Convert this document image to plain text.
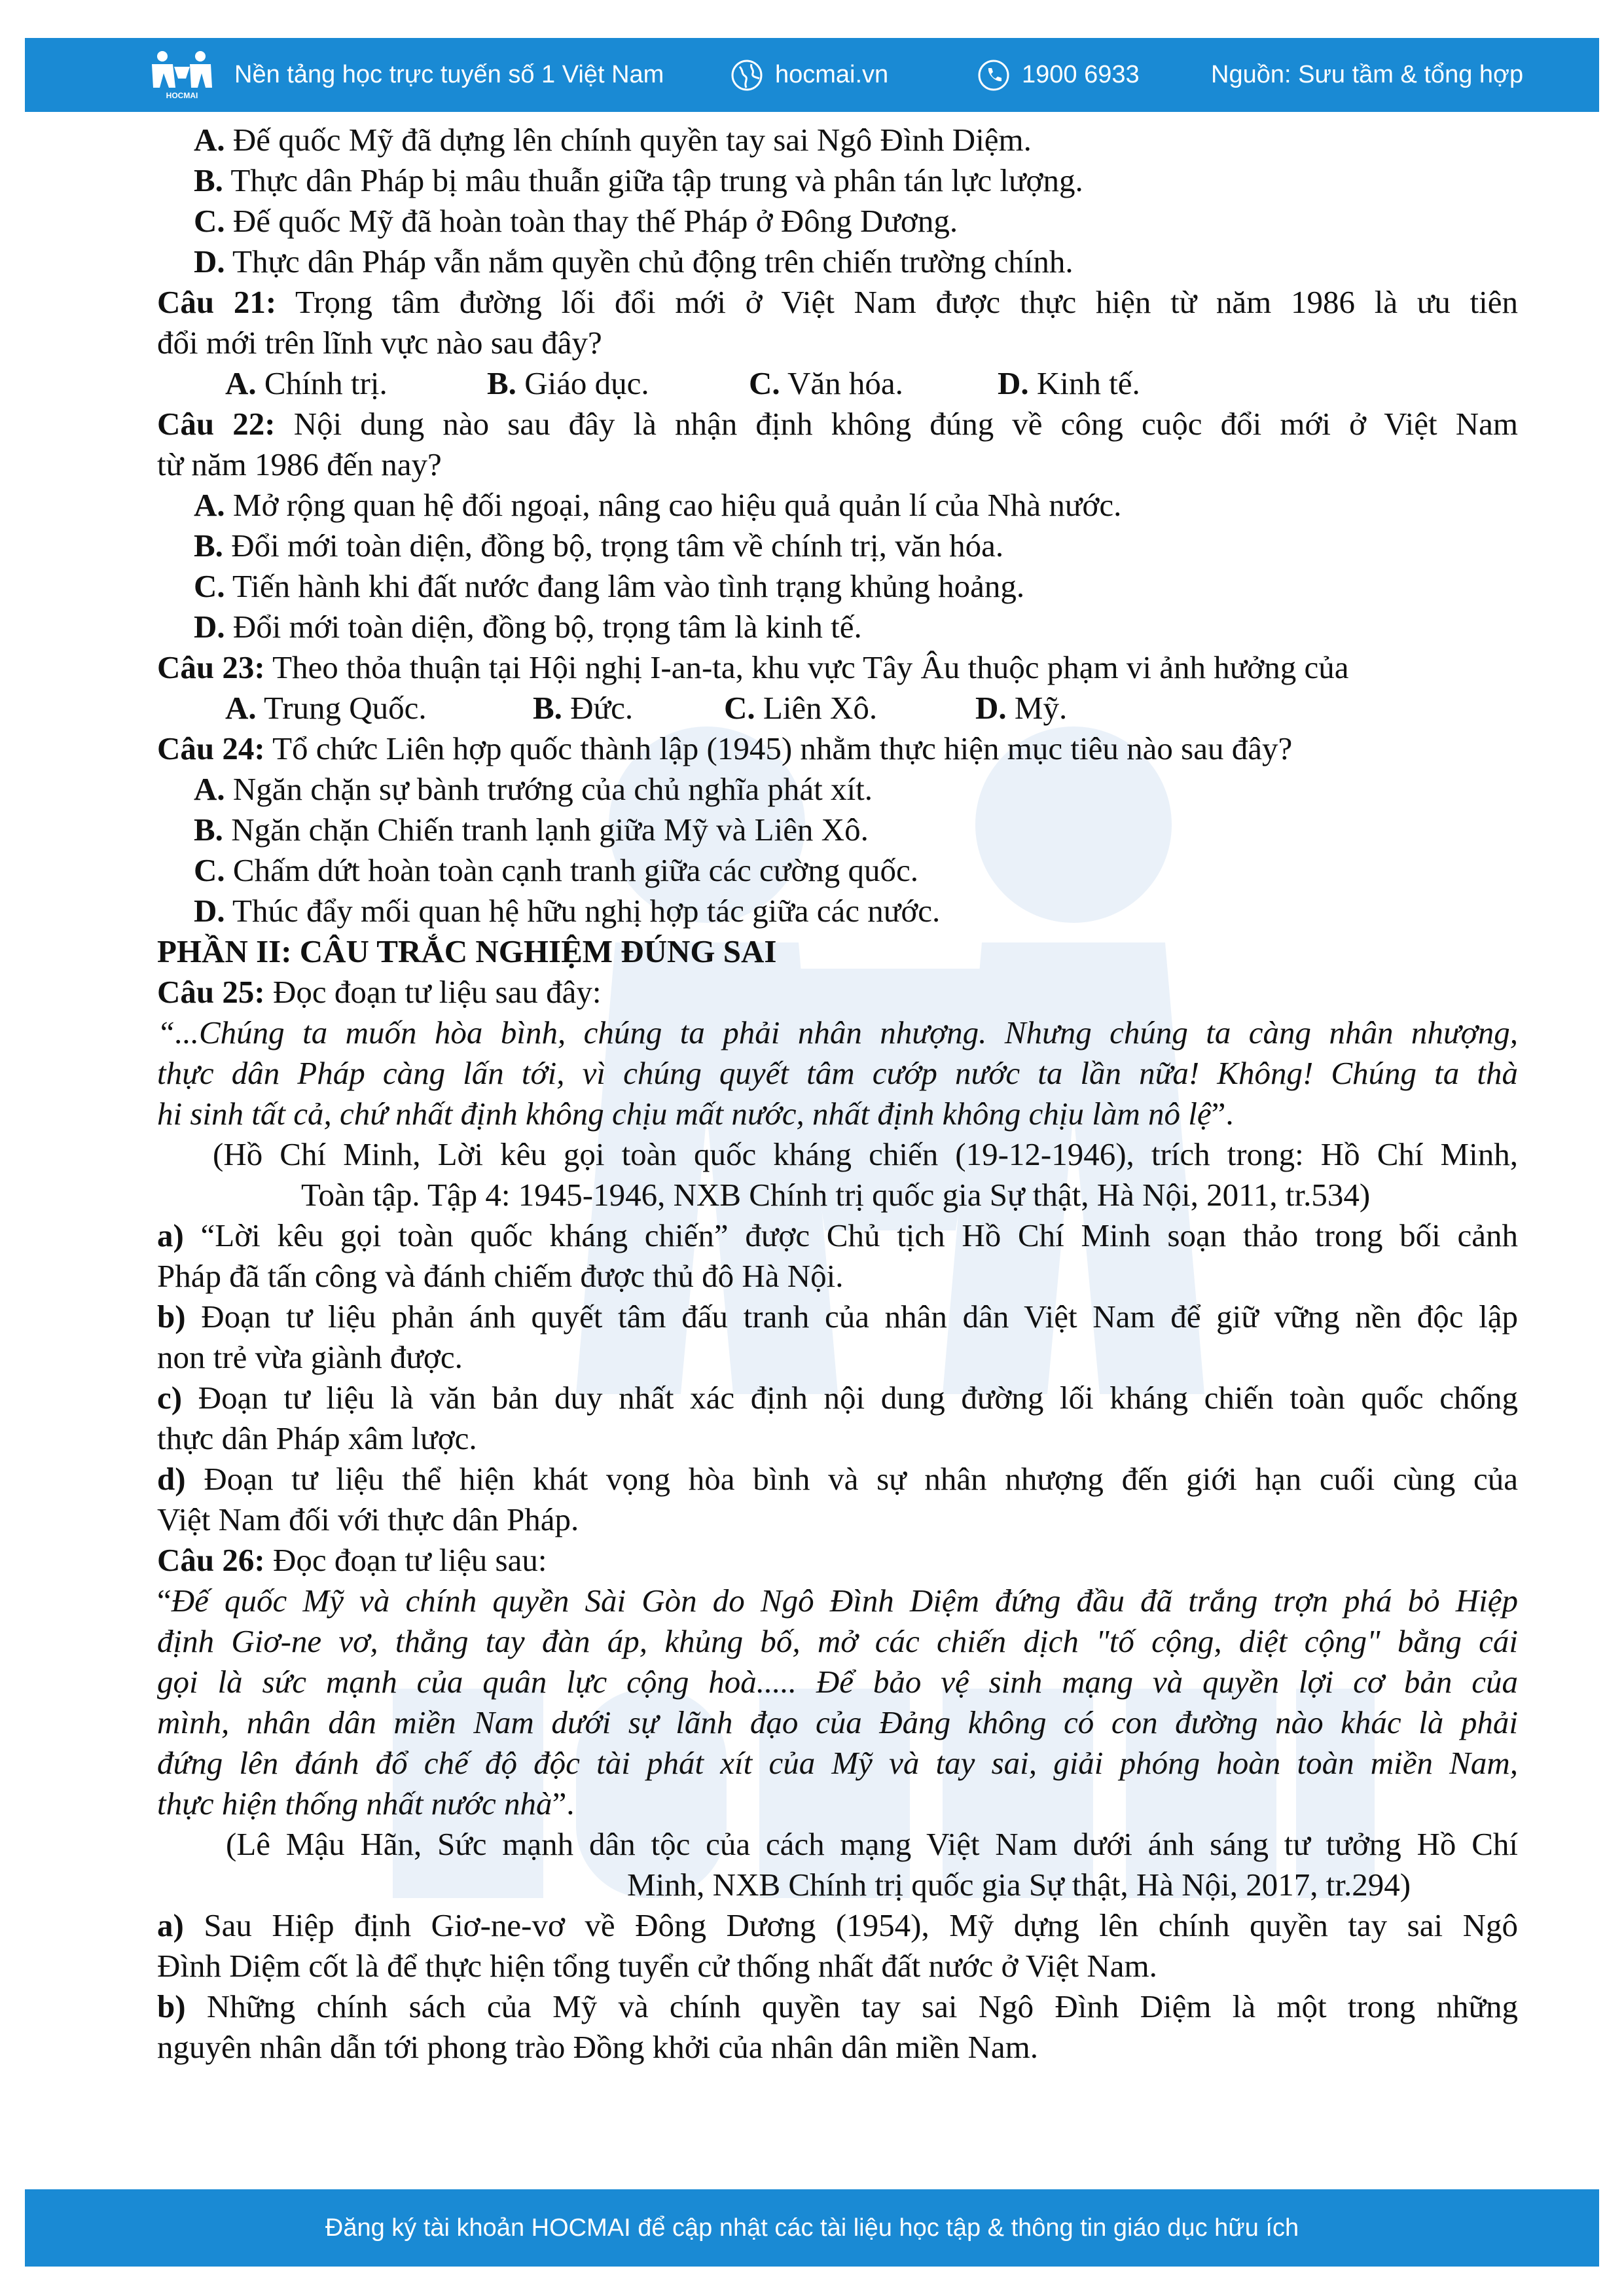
HOCMAI
Nền tảng học trực tuyến số 1 Việt Nam	hocmai.vn	1900 6933	Nguồn: Sưu tầm & tổng hợp
A. Đế quốc Mỹ đã dựng lên chính quyền tay sai Ngô Đình Diệm.
B. Thực dân Pháp bị mâu thuẫn giữa tập trung và phân tán lực lượng.
C. Đế quốc Mỹ đã hoàn toàn thay thế Pháp ở Đông Dương.
D. Thực dân Pháp vẫn nắm quyền chủ động trên chiến trường chính.
Câu 21: Trọng tâm đường lối đổi mới ở Việt Nam được thực hiện từ năm 1986 là ưu tiên
đổi mới trên lĩnh vực nào sau đây?
A. Chính trị.	B. Giáo dục.	C. Văn hóa.	D. Kinh tế.
Câu 22: Nội dung nào sau đây là nhận định không đúng về công cuộc đổi mới ở Việt Nam
từ năm 1986 đến nay?
A. Mở rộng quan hệ đối ngoại, nâng cao hiệu quả quản lí của Nhà nước.
B. Đổi mới toàn diện, đồng bộ, trọng tâm về chính trị, văn hóa.
C. Tiến hành khi đất nước đang lâm vào tình trạng khủng hoảng.
D. Đổi mới toàn diện, đồng bộ, trọng tâm là kinh tế.
Câu 23: Theo thỏa thuận tại Hội nghị I-an-ta, khu vực Tây Âu thuộc phạm vi ảnh hưởng của
A. Trung Quốc.	B. Đức.	C. Liên Xô.	D. Mỹ.
Câu 24: Tổ chức Liên hợp quốc thành lập (1945) nhằm thực hiện mục tiêu nào sau đây?
A. Ngăn chặn sự bành trướng của chủ nghĩa phát xít.
B. Ngăn chặn Chiến tranh lạnh giữa Mỹ và Liên Xô.
C. Chấm dứt hoàn toàn cạnh tranh giữa các cường quốc.
D. Thúc đẩy mối quan hệ hữu nghị hợp tác giữa các nước.
PHẦN II: CÂU TRẮC NGHIỆM ĐÚNG SAI
Câu 25: Đọc đoạn tư liệu sau đây:
“...Chúng ta muốn hòa bình, chúng ta phải nhân nhượng. Nhưng chúng ta càng nhân nhượng,
thực dân Pháp càng lấn tới, vì chúng quyết tâm cướp nước ta lần nữa! Không! Chúng ta thà
hi sinh tất cả, chứ nhất định không chịu mất nước, nhất định không chịu làm nô lệ”.
(Hồ Chí Minh, Lời kêu gọi toàn quốc kháng chiến (19-12-1946), trích trong: Hồ Chí Minh,
Toàn tập. Tập 4: 1945-1946, NXB Chính trị quốc gia Sự thật, Hà Nội, 2011, tr.534)
a) “Lời kêu gọi toàn quốc kháng chiến” được Chủ tịch Hồ Chí Minh soạn thảo trong bối cảnh
Pháp đã tấn công và đánh chiếm được thủ đô Hà Nội.
b) Đoạn tư liệu phản ánh quyết tâm đấu tranh của nhân dân Việt Nam để giữ vững nền độc lập
non trẻ vừa giành được.
c) Đoạn tư liệu là văn bản duy nhất xác định nội dung đường lối kháng chiến toàn quốc chống
thực dân Pháp xâm lược.
d) Đoạn tư liệu thể hiện khát vọng hòa bình và sự nhân nhượng đến giới hạn cuối cùng của
Việt Nam đối với thực dân Pháp.
Câu 26: Đọc đoạn tư liệu sau:
“Đế quốc Mỹ và chính quyền Sài Gòn do Ngô Đình Diệm đứng đầu đã trắng trợn phá bỏ Hiệp
định Giơ-ne vơ, thẳng tay đàn áp, khủng bố, mở các chiến dịch "tố cộng, diệt cộng" bằng cái
gọi là sức mạnh của quân lực cộng hoà..... Để bảo vệ sinh mạng và quyền lợi cơ bản của
mình, nhân dân miền Nam dưới sự lãnh đạo của Đảng không có con đường nào khác là phải
đứng lên đánh đổ chế độ độc tài phát xít của Mỹ và tay sai, giải phóng hoàn toàn miền Nam,
thực hiện thống nhất nước nhà”.
(Lê Mậu Hãn, Sức mạnh dân tộc của cách mạng Việt Nam dưới ánh sáng tư tưởng Hồ Chí
Minh, NXB Chính trị quốc gia Sự thật, Hà Nội, 2017, tr.294)
a) Sau Hiệp định Giơ-ne-vơ về Đông Dương (1954), Mỹ dựng lên chính quyền tay sai Ngô
Đình Diệm cốt là để thực hiện tổng tuyển cử thống nhất đất nước ở Việt Nam.
b) Những chính sách của Mỹ và chính quyền tay sai Ngô Đình Diệm là một trong những
nguyên nhân dẫn tới phong trào Đồng khởi của nhân dân miền Nam.
Đăng ký tài khoản HOCMAI để cập nhật các tài liệu học tập & thông tin giáo dục hữu ích
